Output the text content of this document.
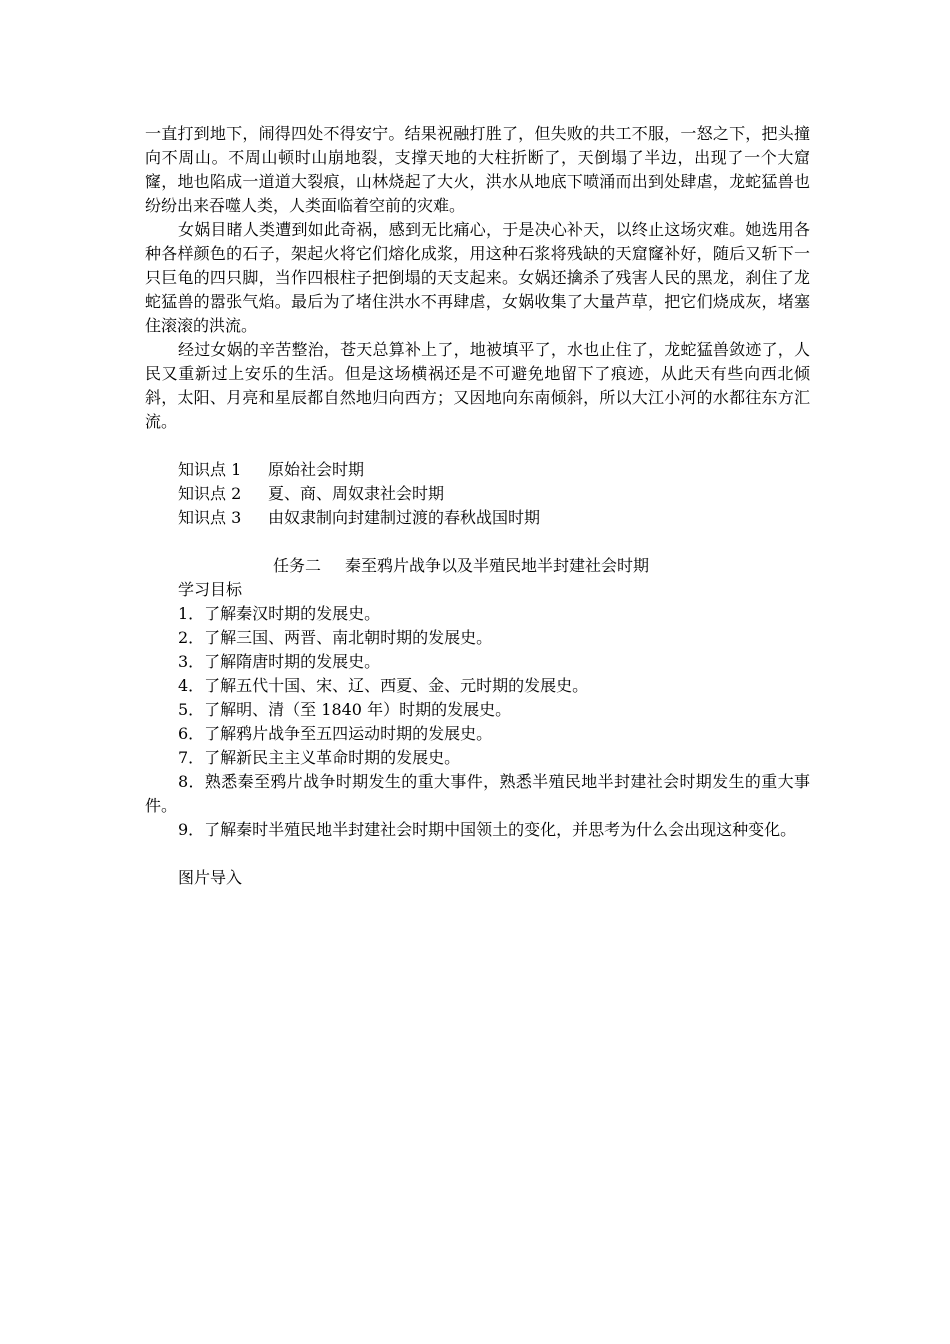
一直打到地下，闹得四处不得安宁。结果祝融打胜了，但失败的共工不服，一怒之下，把头撞向不周山。不周山顿时山崩地裂，支撑天地的大柱折断了，天倒塌了半边，出现了一个大窟窿，地也陷成一道道大裂痕，山林烧起了大火，洪水从地底下喷涌而出到处肆虐，龙蛇猛兽也纷纷出来吞噬人类，人类面临着空前的灾难。

女娲目睹人类遭到如此奇祸，感到无比痛心，于是决心补天，以终止这场灾难。她选用各种各样颜色的石子，架起火将它们熔化成浆，用这种石浆将残缺的天窟窿补好，随后又斩下一只巨龟的四只脚，当作四根柱子把倒塌的天支起来。女娲还擒杀了残害人民的黑龙，刹住了龙蛇猛兽的嚣张气焰。最后为了堵住洪水不再肆虐，女娲收集了大量芦草，把它们烧成灰，堵塞住滚滚的洪流。

经过女娲的辛苦整治，苍天总算补上了，地被填平了，水也止住了，龙蛇猛兽敛迹了，人民又重新过上安乐的生活。但是这场横祸还是不可避免地留下了痕迹，从此天有些向西北倾斜，太阳、月亮和星辰都自然地归向西方；又因地向东南倾斜，所以大江小河的水都往东方汇流。

知识点 1 原始社会时期
知识点 2 夏、商、周奴隶社会时期
知识点 3 由奴隶制向封建制过渡的春秋战国时期
任务二 秦至鸦片战争以及半殖民地半封建社会时期
学习目标
1．了解秦汉时期的发展史。
2．了解三国、两晋、南北朝时期的发展史。
3．了解隋唐时期的发展史。
4．了解五代十国、宋、辽、西夏、金、元时期的发展史。
5．了解明、清（至 1840 年）时期的发展史。
6．了解鸦片战争至五四运动时期的发展史。
7．了解新民主主义革命时期的发展史。
8．熟悉秦至鸦片战争时期发生的重大事件，熟悉半殖民地半封建社会时期发生的重大事件。
9．了解秦时半殖民地半封建社会时期中国领土的变化，并思考为什么会出现这种变化。
图片导入
